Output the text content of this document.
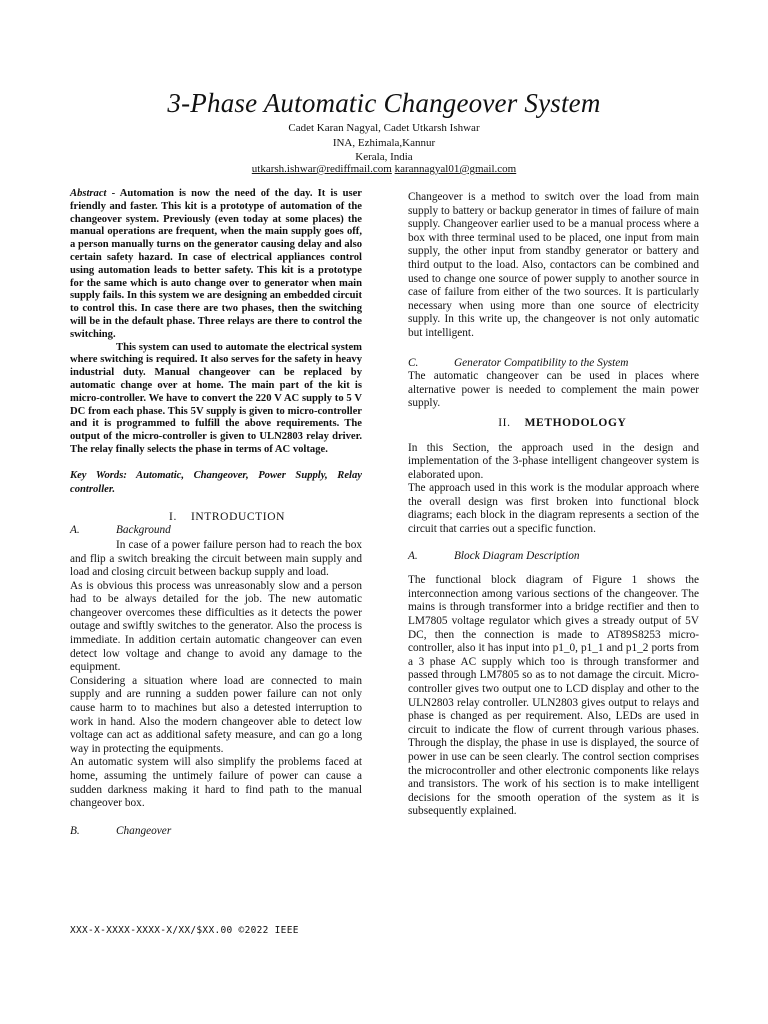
3-Phase Automatic Changeover System
Cadet Karan Nagyal, Cadet Utkarsh Ishwar
INA, Ezhimala,Kannur
Kerala, India
utkarsh.ishwar@rediffmail.com karannagyal01@gmail.com

Abstract - Automation is now the need of the day. It is user friendly and faster. This kit is a prototype of automation of the changeover system. Previously (even today at some places) the manual operations are frequent, when the main supply goes off, a person manually turns on the generator causing delay and also certain safety hazard. In case of electrical appliances control using automation leads to better safety. This kit is a prototype for the same which is auto change over to generator when main supply fails. In this system we are designing an embedded circuit to control this. In case there are two phases, then the switching will be in the default phase. Three relays are there to control the switching.

This system can used to automate the electrical system where switching is required. It also serves for the safety in heavy industrial duty. Manual changeover can be replaced by automatic change over at home. The main part of the kit is micro-controller. We have to convert the 220 V AC supply to 5 V DC from each phase. This 5V supply is given to micro-controller and it is programmed to fulfill the above requirements. The output of the micro-controller is given to ULN2803 relay driver. The relay finally selects the phase in terms of AC voltage.

Key Words: Automatic, Changeover, Power Supply, Relay controller.

I. INTRODUCTION

A.	Background

In case of a power failure person had to reach the box and flip a switch breaking the circuit between main supply and load and closing circuit between backup supply and load.

As is obvious this process was unreasonably slow and a person had to be always detailed for the job. The new automatic changeover overcomes these difficulties as it detects the power outage and swiftly switches to the generator. Also the process is immediate. In addition certain automatic changeover can even detect low voltage and change to avoid any damage to the equipment.

Considering a situation where load are connected to main supply and are running a sudden power failure can not only cause harm to to machines but also a detested interruption to work in hand. Also the modern changeover able to detect low voltage can act as additional safety measure, and can go a long way in protecting the equipments.

An automatic system will also simplify the problems faced at home, assuming the untimely failure of power can cause a sudden darkness making it hard to find path to the manual changeover box.

B.	Changeover

Changeover is a method to switch over the load from main supply to battery or backup generator in times of failure of main supply. Changeover earlier used to be a manual process where a box with three terminal used to be placed, one input from main supply, the other input from standby generator or battery and third output to the load. Also, contactors can be combined and used to change one source of power supply to another source in case of failure from either of the two sources. It is particularly necessary when using more than one source of electricity supply. In this write up, the changeover is not only automatic but intelligent.

C.	Generator Compatibility to the System

The automatic changeover can be used in places where alternative power is needed to complement the main power supply.

II. METHODOLOGY

In this Section, the approach used in the design and implementation of the 3-phase intelligent changeover system is elaborated upon.

The approach used in this work is the modular approach where the overall design was first broken into functional block diagrams; each block in the diagram represents a section of the circuit that carries out a specific function.

A.	Block Diagram Description

The functional block diagram of Figure 1 shows the interconnection among various sections of the changeover. The mains is through transformer into a bridge rectifier and then to LM7805 voltage regulator which gives a stready output of 5V DC, then the connection is made to AT89S8253 micro-controller, also it has input into p1_0, p1_1 and p1_2 ports from a 3 phase AC supply which too is through transformer and passed through LM7805 so as to not damage the circuit. Micro-controller gives two output one to LCD display and other to the ULN2803 relay controller. ULN2803 gives output to relays and phase is changed as per requirement. Also, LEDs are used in circuit to indicate the flow of current through various phases. Through the display, the phase in use is displayed, the source of power in use can be seen clearly. The control section comprises the microcontroller and other electronic components like relays and transistors. The work of his section is to make intelligent decisions for the smooth operation of the system as it is subsequently explained.

XXX-X-XXXX-XXXX-X/XX/$XX.00 ©2022 IEEE
